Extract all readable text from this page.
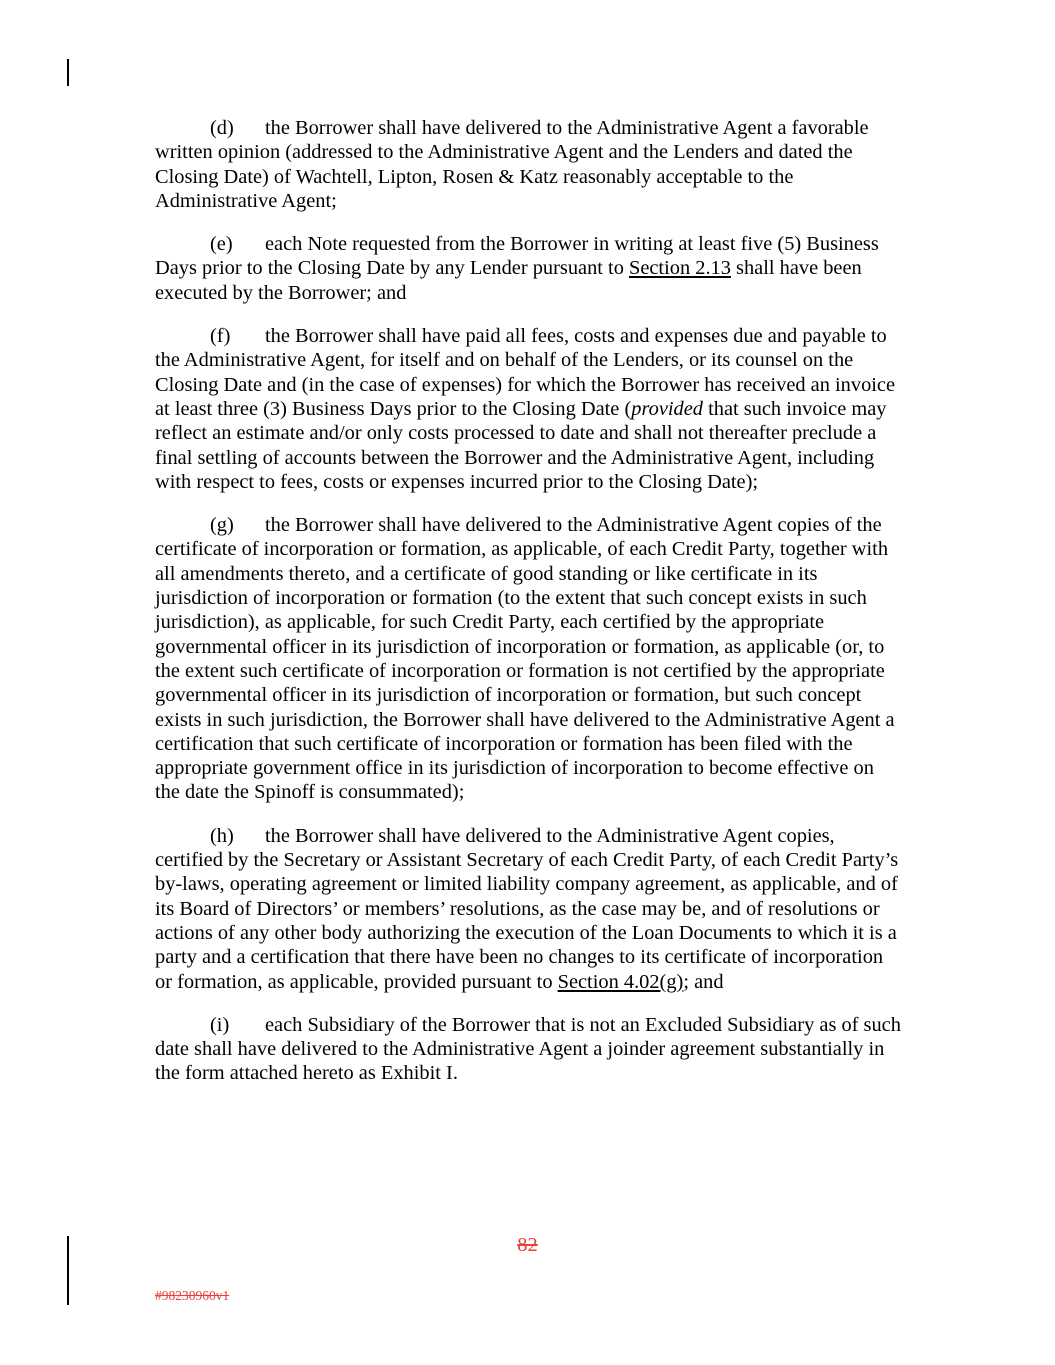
(d) the Borrower shall have delivered to the Administrative Agent a favorable written opinion (addressed to the Administrative Agent and the Lenders and dated the Closing Date) of Wachtell, Lipton, Rosen & Katz reasonably acceptable to the Administrative Agent;

(e) each Note requested from the Borrower in writing at least five (5) Business Days prior to the Closing Date by any Lender pursuant to Section 2.13 shall have been executed by the Borrower; and

(f) the Borrower shall have paid all fees, costs and expenses due and payable to the Administrative Agent, for itself and on behalf of the Lenders, or its counsel on the Closing Date and (in the case of expenses) for which the Borrower has received an invoice at least three (3) Business Days prior to the Closing Date (provided that such invoice may reflect an estimate and/or only costs processed to date and shall not thereafter preclude a final settling of accounts between the Borrower and the Administrative Agent, including with respect to fees, costs or expenses incurred prior to the Closing Date);

(g) the Borrower shall have delivered to the Administrative Agent copies of the certificate of incorporation or formation, as applicable, of each Credit Party, together with all amendments thereto, and a certificate of good standing or like certificate in its jurisdiction of incorporation or formation (to the extent that such concept exists in such jurisdiction), as applicable, for such Credit Party, each certified by the appropriate governmental officer in its jurisdiction of incorporation or formation, as applicable (or, to the extent such certificate of incorporation or formation is not certified by the appropriate governmental officer in its jurisdiction of incorporation or formation, but such concept exists in such jurisdiction, the Borrower shall have delivered to the Administrative Agent a certification that such certificate of incorporation or formation has been filed with the appropriate government office in its jurisdiction of incorporation to become effective on the date the Spinoff is consummated);

(h) the Borrower shall have delivered to the Administrative Agent copies, certified by the Secretary or Assistant Secretary of each Credit Party, of each Credit Party’s by-laws, operating agreement or limited liability company agreement, as applicable, and of its Board of Directors’ or members’ resolutions, as the case may be, and of resolutions or actions of any other body authorizing the execution of the Loan Documents to which it is a party and a certification that there have been no changes to its certificate of incorporation or formation, as applicable, provided pursuant to Section 4.02(g); and

(i) each Subsidiary of the Borrower that is not an Excluded Subsidiary as of such date shall have delivered to the Administrative Agent a joinder agreement substantially in the form attached hereto as Exhibit I.

82
#98230960v1
